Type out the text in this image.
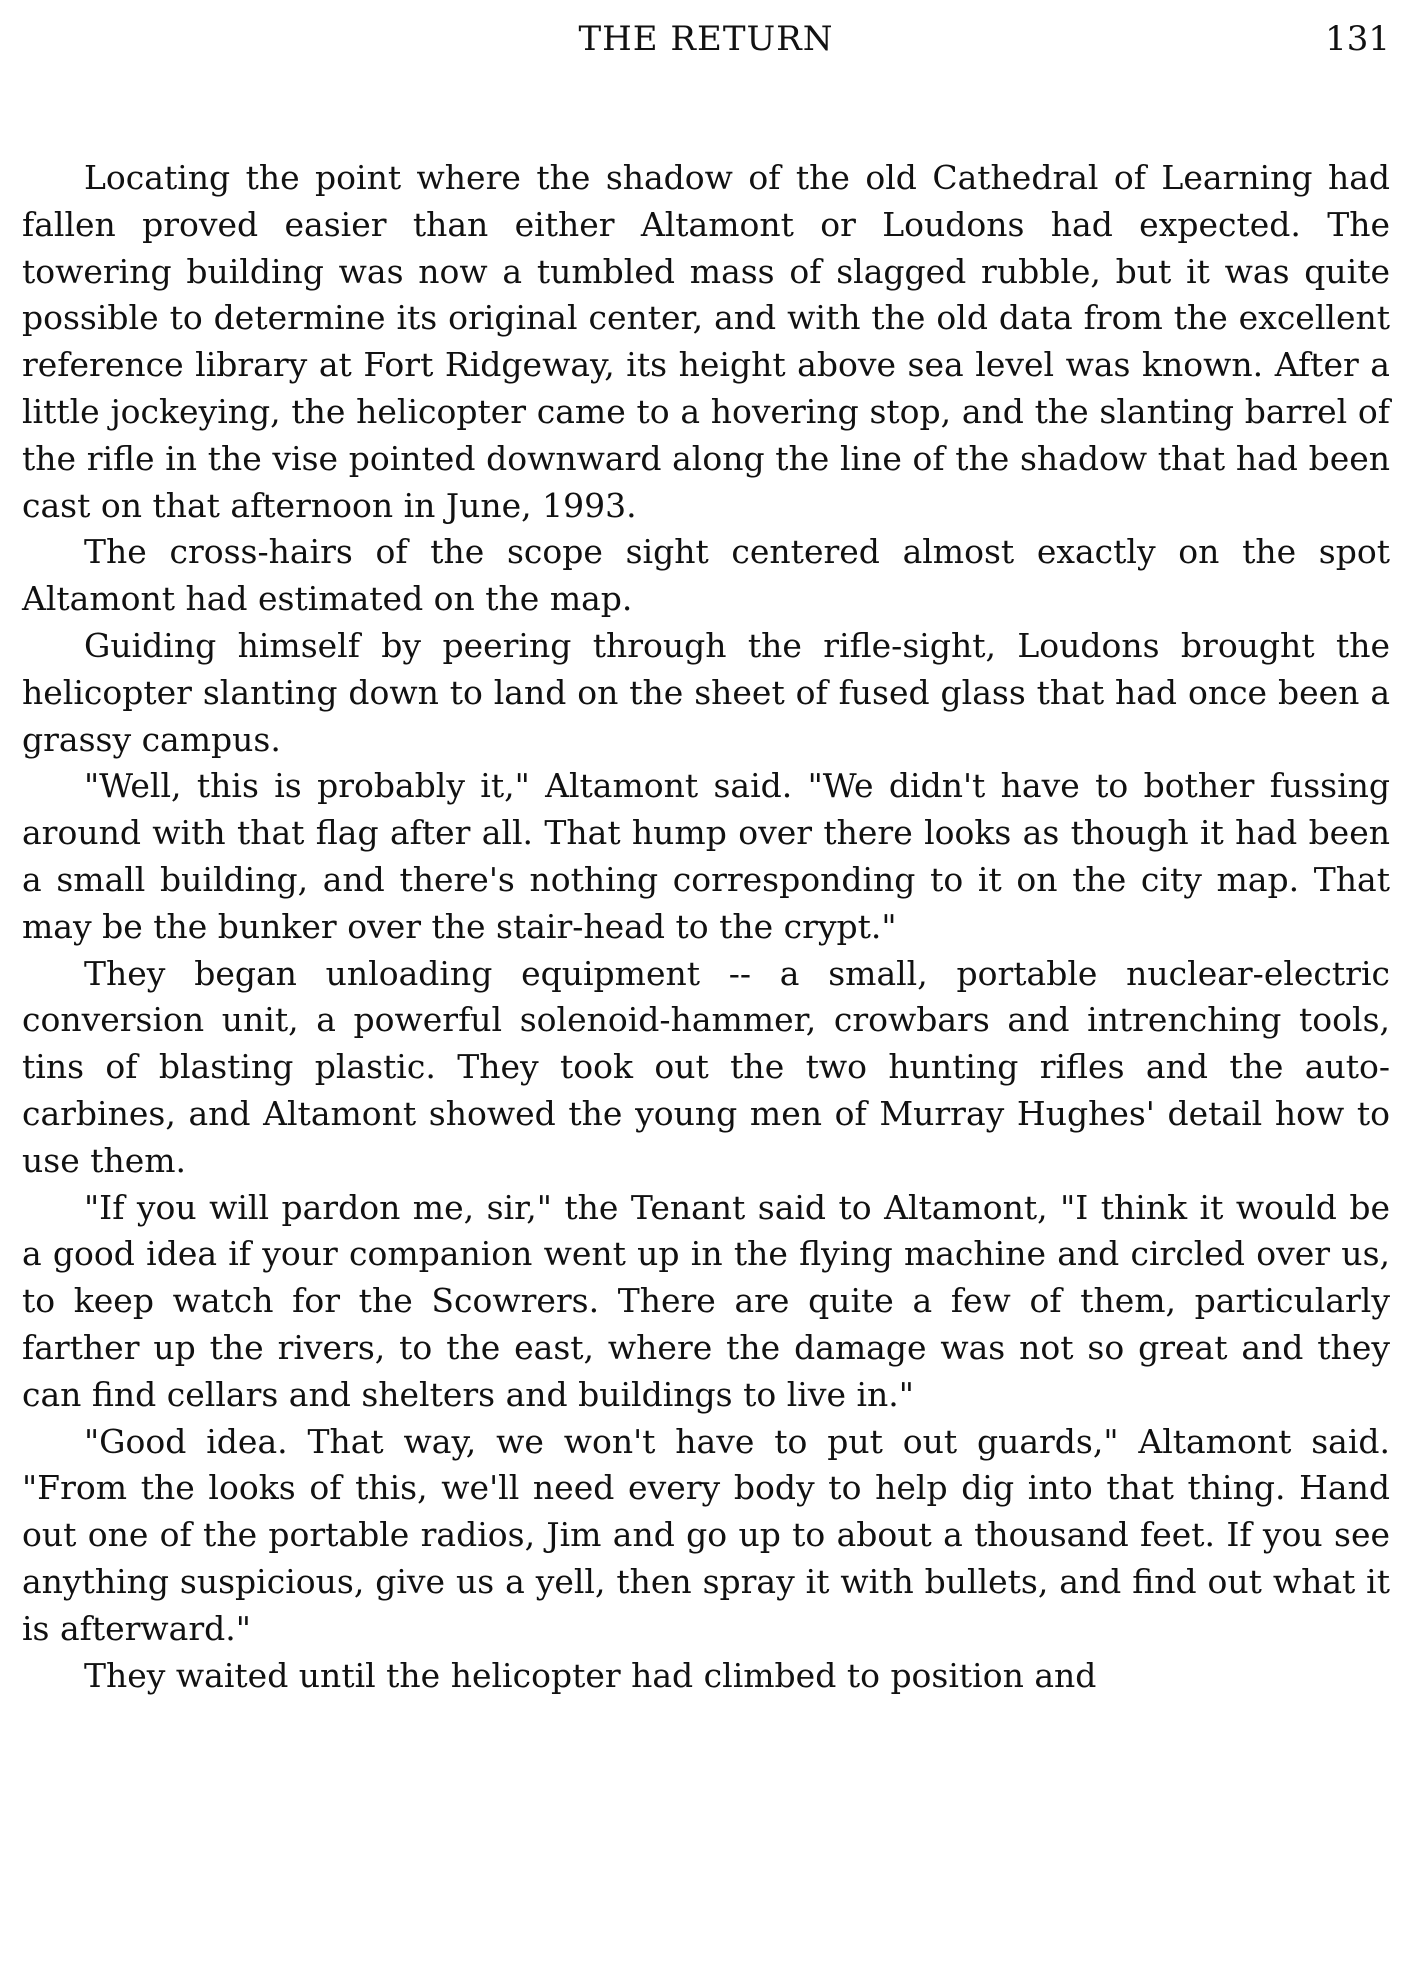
THE RETURN	131

Locating the point where the shadow of the old Cathedral of Learning had fallen proved easier than either Altamont or Loudons had expected. The towering building was now a tumbled mass of slagged rubble, but it was quite possible to determine its original center, and with the old data from the excellent reference library at Fort Ridgeway, its height above sea level was known. After a little jockeying, the helicopter came to a hovering stop, and the slanting barrel of the rifle in the vise pointed downward along the line of the shadow that had been cast on that afternoon in June, 1993.

The cross-hairs of the scope sight centered almost exactly on the spot Altamont had estimated on the map.

Guiding himself by peering through the rifle-sight, Loudons brought the helicopter slanting down to land on the sheet of fused glass that had once been a grassy campus.

"Well, this is probably it," Altamont said. "We didn't have to bother fussing around with that flag after all. That hump over there looks as though it had been a small building, and there's nothing corresponding to it on the city map. That may be the bunker over the stair-head to the crypt."

They began unloading equipment -- a small, portable nuclear-electric conversion unit, a powerful solenoid-hammer, crowbars and intrenching tools, tins of blasting plastic. They took out the two hunting rifles and the auto-carbines, and Altamont showed the young men of Murray Hughes' detail how to use them.

"If you will pardon me, sir," the Tenant said to Altamont, "I think it would be a good idea if your companion went up in the flying machine and circled over us, to keep watch for the Scowrers. There are quite a few of them, particularly farther up the rivers, to the east, where the damage was not so great and they can find cellars and shelters and buildings to live in."

"Good idea. That way, we won't have to put out guards," Altamont said. "From the looks of this, we'll need every body to help dig into that thing. Hand out one of the portable radios, Jim and go up to about a thousand feet. If you see anything suspicious, give us a yell, then spray it with bullets, and find out what it is afterward."

They waited until the helicopter had climbed to position and
